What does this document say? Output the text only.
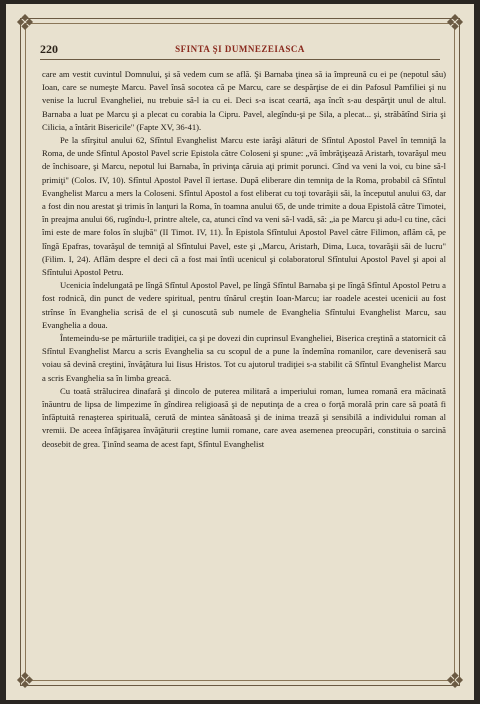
❖	❖
❖	❖
220	SFINTA ŞI DUMNEZEIASCA

care am vestit cuvintul Domnului, şi să vedem cum se află. Şi Barnaba ţinea să ia împreună cu ei pe (nepotul său) Ioan, care se numeşte Marcu. Pavel însă socotea că pe Marcu, care se despărţise de ei din Pafosul Pamfiliei şi nu venise la lucrul Evangheliei, nu trebuie să-l ia cu ei. Deci s-a iscat ceartă, aşa încît s-au despărţit unul de altul. Barnaba a luat pe Marcu şi a plecat cu corabia la Cipru. Pavel, alegîndu-şi pe Sila, a plecat... şi, străbătînd Siria şi Cilicia, a întărit Bisericile" (Fapte XV, 36-41).

Pe la sfîrşitul anului 62, Sfîntul Evanghelist Marcu este iarăşi alături de Sfîntul Apostol Pavel în temniţă la Roma, de unde Sfîntul Apostol Pavel scrie Epistola către Coloseni şi spune: „vă îmbrăţişează Aristarh, tovarăşul meu de închisoare, şi Marcu, nepotul lui Barnaba, în privinţa căruia aţi primit porunci. Cînd va veni la voi, cu bine să-l primiţi" (Colos. IV, 10). Sfîntul Apostol Pavel îl iertase. După eliberare din temniţa de la Roma, probabil că Sfîntul Evanghelist Marcu a mers la Coloseni. Sfîntul Apostol a fost eliberat cu toţi tovarăşii săi, la începutul anului 63, dar a fost din nou arestat şi trimis în lanţuri la Roma, în toamna anului 65, de unde trimite a doua Epistolă către Timotei, în preajma anului 66, rugîndu-l, printre altele, ca, atunci cînd va veni să-l vadă, să: „ia pe Marcu şi adu-l cu tine, căci îmi este de mare folos în slujbă" (II Timot. IV, 11). În Epistola Sfîntului Apostol Pavel către Filimon, aflăm că, pe lîngă Epafras, tovarăşul de temniţă al Sfîntului Pavel, este şi „Marcu, Aristarh, Dima, Luca, tovarăşii săi de lucru" (Filim. I, 24). Aflăm despre el deci că a fost mai întîi ucenicul şi colaboratorul Sfîntului Apostol Pavel şi apoi al Sfîntului Apostol Petru.

Ucenicia îndelungată pe lîngă Sfîntul Apostol Pavel, pe lîngă Sfîntul Barnaba şi pe lîngă Sfîntul Apostol Petru a fost rodnică, din punct de vedere spiritual, pentru tînărul creştin Ioan-Marcu; iar roadele acestei ucenicii au fost strînse în Evanghelia scrisă de el şi cunoscută sub numele de Evanghelia Sfîntului Evanghelist Marcu, sau Evanghelia a doua.

Întemeindu-se pe mărturiile tradiţiei, ca şi pe dovezi din cuprinsul Evangheliei, Biserica creştină a statornicit că Sfîntul Evanghelist Marcu a scris Evanghelia sa cu scopul de a pune la îndemîna romanilor, care deveniseră sau voiau să devină creştini, învăţătura lui Iisus Hristos. Tot cu ajutorul tradiţiei s-a stabilit că Sfîntul Evanghelist Marcu a scris Evanghelia sa în limba greacă.

Cu toată strălucirea dinafară şi dincolo de puterea militară a imperiului roman, lumea romană era măcinată înăuntru de lipsa de limpezime în gîndirea religioasă şi de neputinţa de a crea o forţă morală prin care să poată fi înfăptuită renaşterea spirituală, cerută de mintea sănătoasă şi de inima treazā şi sensibilă a individului roman al vremii. De aceea înfăţişarea învăţăturii creştine lumii romane, care avea asemenea preocupări, constituia o sarcină deosebit de grea. Ţinînd seama de acest fapt, Sfîntul Evanghelist
